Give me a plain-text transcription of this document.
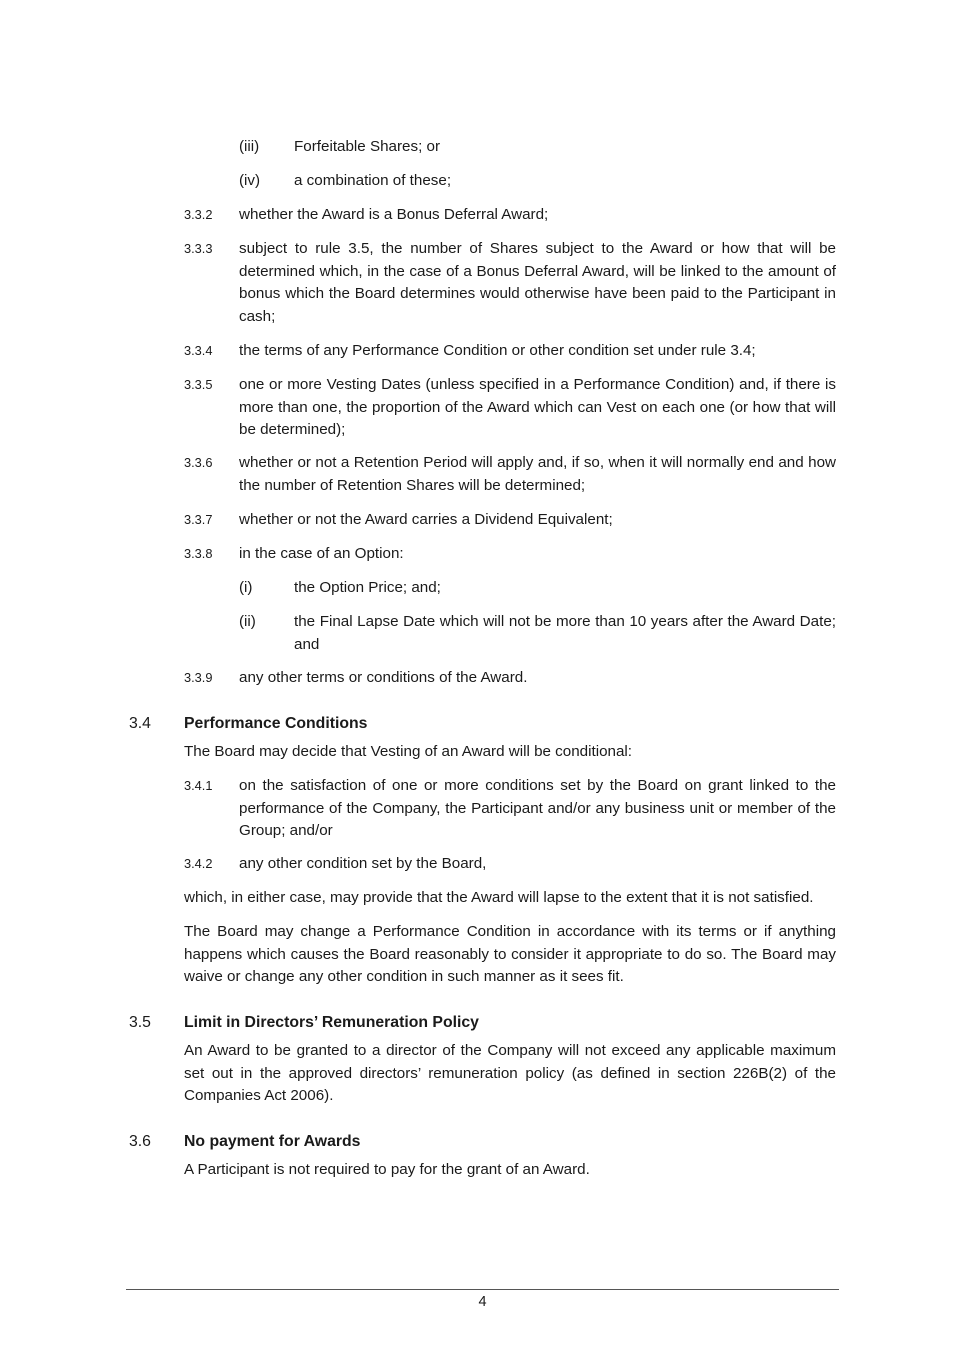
(iii) Forfeitable Shares; or
(iv) a combination of these;
3.3.2 whether the Award is a Bonus Deferral Award;
3.3.3 subject to rule 3.5, the number of Shares subject to the Award or how that will be determined which, in the case of a Bonus Deferral Award, will be linked to the amount of bonus which the Board determines would otherwise have been paid to the Participant in cash;
3.3.4 the terms of any Performance Condition or other condition set under rule 3.4;
3.3.5 one or more Vesting Dates (unless specified in a Performance Condition) and, if there is more than one, the proportion of the Award which can Vest on each one (or how that will be determined);
3.3.6 whether or not a Retention Period will apply and, if so, when it will normally end and how the number of Retention Shares will be determined;
3.3.7 whether or not the Award carries a Dividend Equivalent;
3.3.8 in the case of an Option:
(i)	the Option Price; and;
(ii)	the Final Lapse Date which will not be more than 10 years after the Award Date; and
3.3.9 any other terms or conditions of the Award.
3.4 Performance Conditions
The Board may decide that Vesting of an Award will be conditional:
3.4.1 on the satisfaction of one or more conditions set by the Board on grant linked to the performance of the Company, the Participant and/or any business unit or member of the Group; and/or
3.4.2 any other condition set by the Board,
which, in either case, may provide that the Award will lapse to the extent that it is not satisfied.
The Board may change a Performance Condition in accordance with its terms or if anything happens which causes the Board reasonably to consider it appropriate to do so. The Board may waive or change any other condition in such manner as it sees fit.
3.5 Limit in Directors’ Remuneration Policy
An Award to be granted to a director of the Company will not exceed any applicable maximum set out in the approved directors’ remuneration policy (as defined in section 226B(2) of the Companies Act 2006).
3.6 No payment for Awards
A Participant is not required to pay for the grant of an Award.
4
